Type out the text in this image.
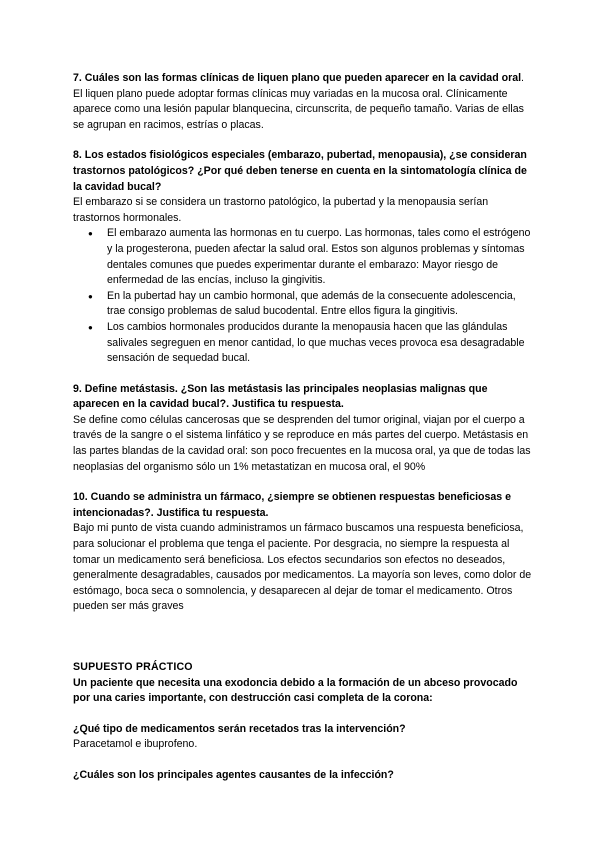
7. Cuáles son las formas clínicas de liquen plano que pueden aparecer en la cavidad oral.

El liquen plano puede adoptar formas clínicas muy variadas en la mucosa oral. Clínicamente aparece como una lesión papular blanquecina, circunscrita, de pequeño tamaño. Varias de ellas se agrupan en racimos, estrías o placas.

8. Los estados fisiológicos especiales (embarazo, pubertad, menopausia), ¿se consideran trastornos patológicos? ¿Por qué deben tenerse en cuenta en la sintomatología clínica de la cavidad bucal?

El embarazo si se considera un trastorno patológico, la pubertad y la menopausia serían trastornos hormonales.

● El embarazo aumenta las hormonas en tu cuerpo. Las hormonas, tales como el estrógeno y la progesterona, pueden afectar la salud oral. Estos son algunos problemas y síntomas dentales comunes que puedes experimentar durante el embarazo: Mayor riesgo de enfermedad de las encías, incluso la gingivitis.
● En la pubertad hay un cambio hormonal, que además de la consecuente adolescencia, trae consigo problemas de salud bucodental. Entre ellos figura la gingitivis.
● Los cambios hormonales producidos durante la menopausia hacen que las glándulas salivales segreguen en menor cantidad, lo que muchas veces provoca esa desagradable sensación de sequedad bucal.

9. Define metástasis. ¿Son las metástasis las principales neoplasias malignas que aparecen en la cavidad bucal?. Justifica tu respuesta.

Se define como células cancerosas que se desprenden del tumor original, viajan por el cuerpo a través de la sangre o el sistema linfático y se reproduce en más partes del cuerpo. Metástasis en las partes blandas de la cavidad oral: son poco frecuentes en la mucosa oral, ya que de todas las neoplasias del organismo sólo un 1% metastatizan en mucosa oral, el 90%

10. Cuando se administra un fármaco, ¿siempre se obtienen respuestas beneficiosas e intencionadas?. Justifica tu respuesta.

Bajo mi punto de vista cuando administramos un fármaco buscamos una respuesta beneficiosa, para solucionar el problema que tenga el paciente. Por desgracia, no siempre la respuesta al tomar un medicamento será beneficiosa. Los efectos secundarios son efectos no deseados, generalmente desagradables, causados por medicamentos. La mayoría son leves, como dolor de estómago, boca seca o somnolencia, y desaparecen al dejar de tomar el medicamento. Otros pueden ser más graves

SUPUESTO PRÁCTICO

Un paciente que necesita una exodoncia debido a la formación de un abceso provocado por una caries importante, con destrucción casi completa de la corona:

¿Qué tipo de medicamentos serán recetados tras la intervención?

Paracetamol e ibuprofeno.

¿Cuáles son los principales agentes causantes de la infección?
